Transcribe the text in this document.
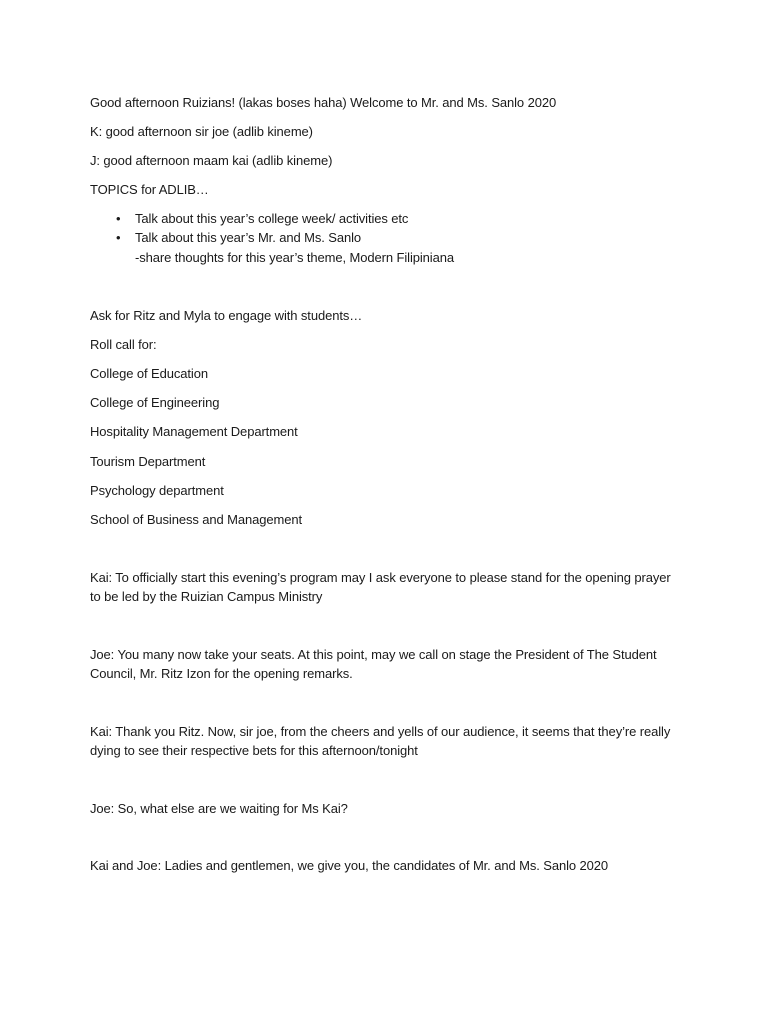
Good afternoon Ruizians! (lakas boses haha) Welcome to Mr. and Ms. Sanlo 2020
K: good afternoon sir joe (adlib kineme)
J: good afternoon maam kai (adlib kineme)
TOPICS for ADLIB…
• Talk about this year’s college week/ activities etc
• Talk about this year’s Mr. and Ms. Sanlo
-share thoughts for this year’s theme, Modern Filipiniana
Ask for Ritz and Myla to engage with students…
Roll call for:
College of Education
College of Engineering
Hospitality Management Department
Tourism Department
Psychology department
School of Business and Management
Kai: To officially start this evening’s program may I ask everyone to please stand for the opening prayer to be led by the Ruizian Campus Ministry
Joe: You many now take your seats. At this point, may we call on stage the President of The Student Council, Mr. Ritz Izon for the opening remarks.
Kai: Thank you Ritz. Now, sir joe, from the cheers and yells of our audience, it seems that they’re really dying to see their respective bets for this afternoon/tonight
Joe: So, what else are we waiting for Ms Kai?
Kai and Joe: Ladies and gentlemen, we give you, the candidates of Mr. and Ms. Sanlo 2020
